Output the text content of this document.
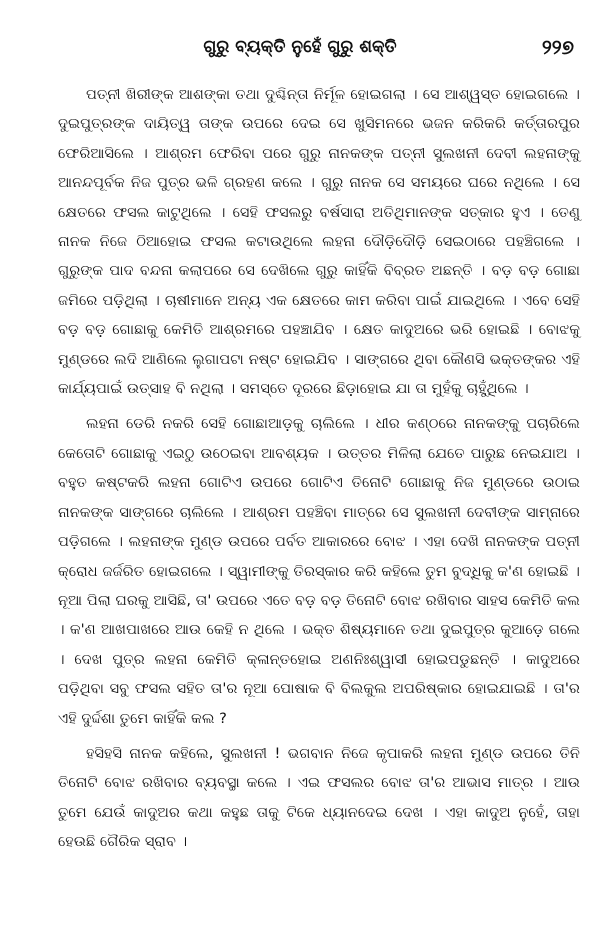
ଗୁରୁ ବ୍ୟକ୍ତି ନୁହେଁ ଗୁରୁ ଶକ୍ତି	୨୨୭

ପତ୍ନୀ ଖିରୀଙ୍କ ଆଶଙ୍କା ତଥା ଦୁଶ୍ଚିନ୍ତା ନିର୍ମୂଳ ହୋଇଗଲା । ସେ ଆଶ୍ୱସ୍ତ ହୋଇଗଲେ । ଦୁଇପୁତ୍ରଙ୍କ ଦାୟିତ୍ୱ ତାଙ୍କ ଉପରେ ଦେଇ ସେ ଖୁସିମନରେ ଭଜନ କରିକରି କର୍ତ୍ତାରପୁର ଫେରିଆସିଲେ । ଆଶ୍ରମ ଫେରିବା ପରେ ଗୁରୁ ନାନକଙ୍କ ପତ୍ନୀ ସୁଲଖନୀ ଦେବୀ ଲହନାଙ୍କୁ ଆନନ୍ଦପୂର୍ବକ ନିଜ ପୁତ୍ର ଭଳି ଗ୍ରହଣ କଲେ । ଗୁରୁ ନାନକ ସେ ସମୟରେ ଘରେ ନଥିଲେ । ସେ କ୍ଷେତରେ ଫସଲ କାଟୁଥିଲେ । ସେହି ଫସଲରୁ ବର୍ଷସାରା ଅତିଥିମାନଙ୍କ ସତ୍କାର ହୁଏ । ତେଣୁ ନାନକ ନିଜେ ଠିଆହୋଇ ଫସଲ କଟାଉଥିଲେ ଲହନା ଦୌଡ଼ିଦୌଡ଼ି ସେଇଠାରେ ପହଞ୍ଚିଗଲେ । ଗୁରୁଙ୍କ ପାଦ ବନ୍ଦନା କଲାପରେ ସେ ଦେଖିଲେ ଗୁରୁ କାହିଁକି ବିବ୍ରତ ଅଛନ୍ତି । ବଡ଼ ବଡ଼ ଗୋଛା ଜମିରେ ପଡ଼ିଥିଲା । ଚାଷୀମାନେ ଅନ୍ୟ ଏକ କ୍ଷେତରେ କାମ କରିବା ପାଇଁ ଯାଇଥିଲେ । ଏବେ ସେହି ବଡ଼ ବଡ଼ ଗୋଛାକୁ କେମିତି ଆଶ୍ରମରେ ପହଞ୍ଚାଯିବ । କ୍ଷେତ କାଦୁଅରେ ଭରି ହୋଇଛି । ବୋଝକୁ ମୁଣ୍ଡରେ ଲଦି ଆଣିଲେ ଲୁଗାପଟା ନଷ୍ଟ ହୋଇଯିବ । ସାଙ୍ଗରେ ଥିବା କୌଣସି ଭକ୍ତଙ୍କର ଏହି କାର୍ଯ୍ୟପାଇଁ ଉତ୍ସାହ ବି ନଥିଲା । ସମସ୍ତେ ଦୂରରେ ଛିଡ଼ାହୋଇ ଯା ତା ମୁହଁକୁ ଚାହୁଁଥିଲେ ।

ଲହନା ଡେରି ନକରି ସେହି ଗୋଛାଆଡ଼କୁ ଚାଲିଲେ । ଧୀର କଣ୍ଠରେ ନାନକଙ୍କୁ ପଚାରିଲେ କେତୋଟି ଗୋଛାକୁ ଏଇଠୁ ଉଠେଇବା ଆବଶ୍ୟକ । ଉତ୍ତର ମିଳିଲା ଯେତେ ପାରୁଛ ନେଇଯାଅ । ବହୁତ କଷ୍ଟକରି ଲହନା ଗୋଟିଏ ଉପରେ ଗୋଟିଏ ତିନୋଟି ଗୋଛାକୁ ନିଜ ମୁଣ୍ଡରେ ଉଠାଇ ନାନକଙ୍କ ସାଙ୍ଗରେ ଚାଲିଲେ । ଆଶ୍ରମ ପହଞ୍ଚିବା ମାତ୍ରେ ସେ ସୁଲଖନୀ ଦେବୀଙ୍କ ସାମ୍ନାରେ ପଡ଼ିଗଲେ । ଲହନାଙ୍କ ମୁଣ୍ଡ ଉପରେ ପର୍ବତ ଆକାରରେ ବୋଝ । ଏହା ଦେଖି ନାନକଙ୍କ ପତ୍ନୀ କ୍ରୋଧ ଜର୍ଜରିତ ହୋଇଗଲେ । ସ୍ୱାମୀଙ୍କୁ ତିରସ୍କାର କରି କହିଲେ ତୁମ ବୁଦ୍ଧିକୁ କ'ଣ ହୋଇଛି । ନୂଆ ପିଲା ଘରକୁ ଆସିଛି, ତା' ଉପରେ ଏତେ ବଡ଼ ବଡ଼ ତିନୋଟି ବୋଝ ରଖିବାର ସାହସ କେମିତି କଲ । କ'ଣ ଆଖପାଖରେ ଆଉ କେହି ନ ଥିଲେ । ଭକ୍ତ ଶିଷ୍ୟମାନେ ତଥା ଦୁଇପୁତ୍ର କୁଆଡ଼େ ଗଲେ । ଦେଖ ପୁତ୍ର ଲହନା କେମିତି କ୍ଳାନ୍ତହୋଇ ଅଣନିଃଶ୍ୱାସୀ ହୋଇପଡୁଛନ୍ତି । କାଦୁଅରେ ପଡ଼ିଥିବା ସବୁ ଫସଲ ସହିତ ତା'ର ନୂଆ ପୋଷାକ ବି ବିଲକୁଲ ଅପରିଷ୍କାର ହୋଇଯାଇଛି । ତା'ର ଏହି ଦୁର୍ଦ୍ଦଶା ତୁମେ କାହିଁକି କଲ ?

ହସିହସି ନାନକ କହିଲେ, ସୁଲଖନୀ ! ଭଗବାନ ନିଜେ କୃପାକରି ଲହନା ମୁଣ୍ଡ ଉପରେ ତିନି ତିନୋଟି ବୋଝ ରଖିବାର ବ୍ୟବସ୍ଥା କଲେ । ଏଇ ଫସଲର ବୋଝ ତା'ର ଆଭାସ ମାତ୍ର । ଆଉ ତୁମେ ଯେଉଁ କାଦୁଅର କଥା କହୁଛ ତାକୁ ଟିକେ ଧ୍ୟାନଦେଇ ଦେଖ । ଏହା କାଦୁଅ ନୁହେଁ, ତାହା ହେଉଛି ଗୈରିକ ସ୍ରାବ ।
